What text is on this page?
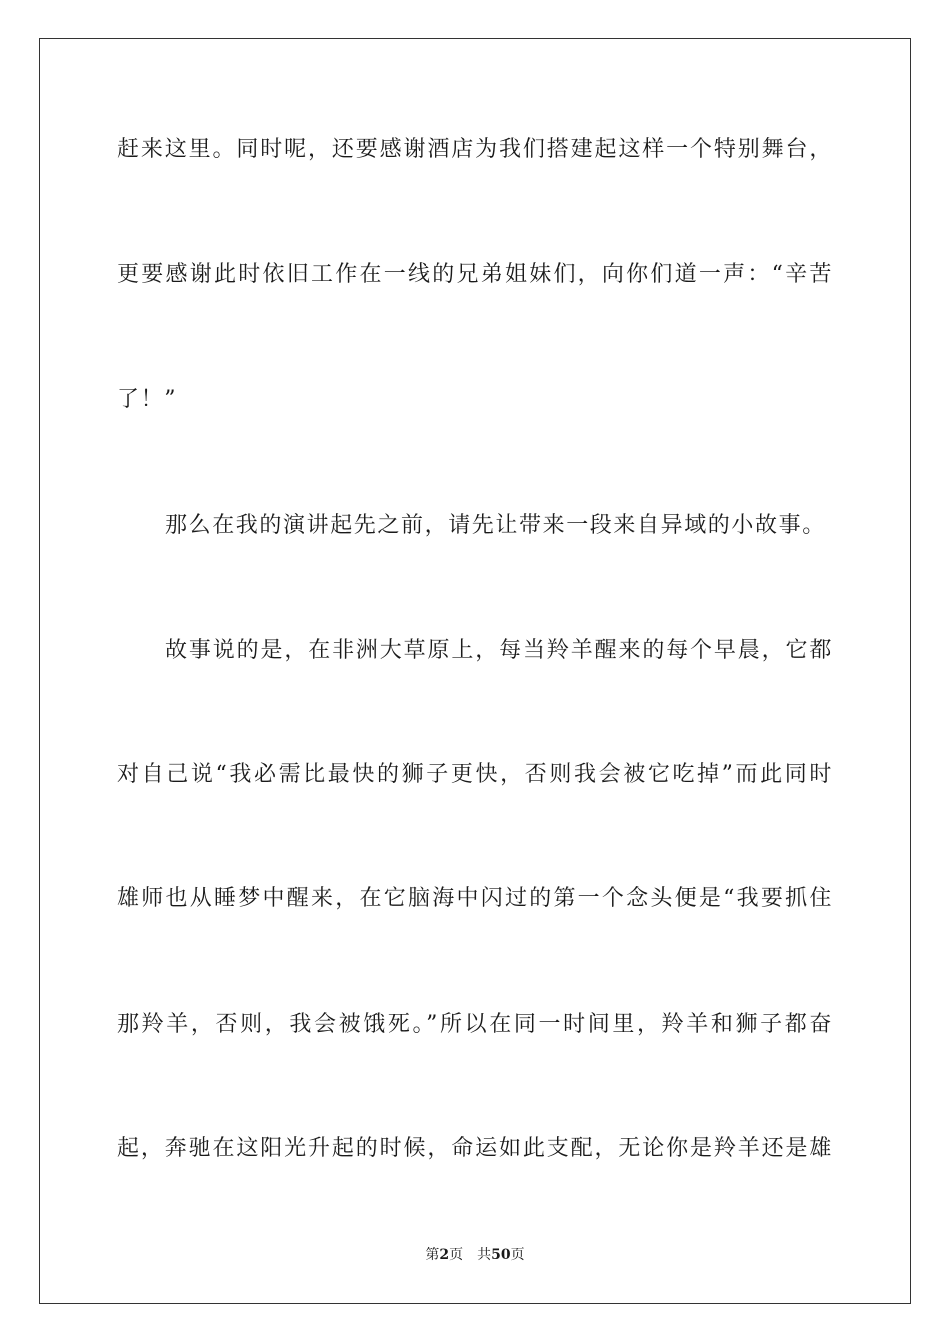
赶来这里。同时呢，还要感谢酒店为我们搭建起这样一个特别舞台，
更要感谢此时依旧工作在一线的兄弟姐妹们，向你们道一声：“辛苦
了！”
那么在我的演讲起先之前，请先让带来一段来自异域的小故事。
故事说的是，在非洲大草原上，每当羚羊醒来的每个早晨，它都
对自己说“我必需比最快的狮子更快，否则我会被它吃掉”而此同时
雄师也从睡梦中醒来，在它脑海中闪过的第一个念头便是“我要抓住
那羚羊，否则，我会被饿死。”所以在同一时间里，羚羊和狮子都奋
起，奔驰在这阳光升起的时候，命运如此支配，无论你是羚羊还是雄
第2页 共50页
